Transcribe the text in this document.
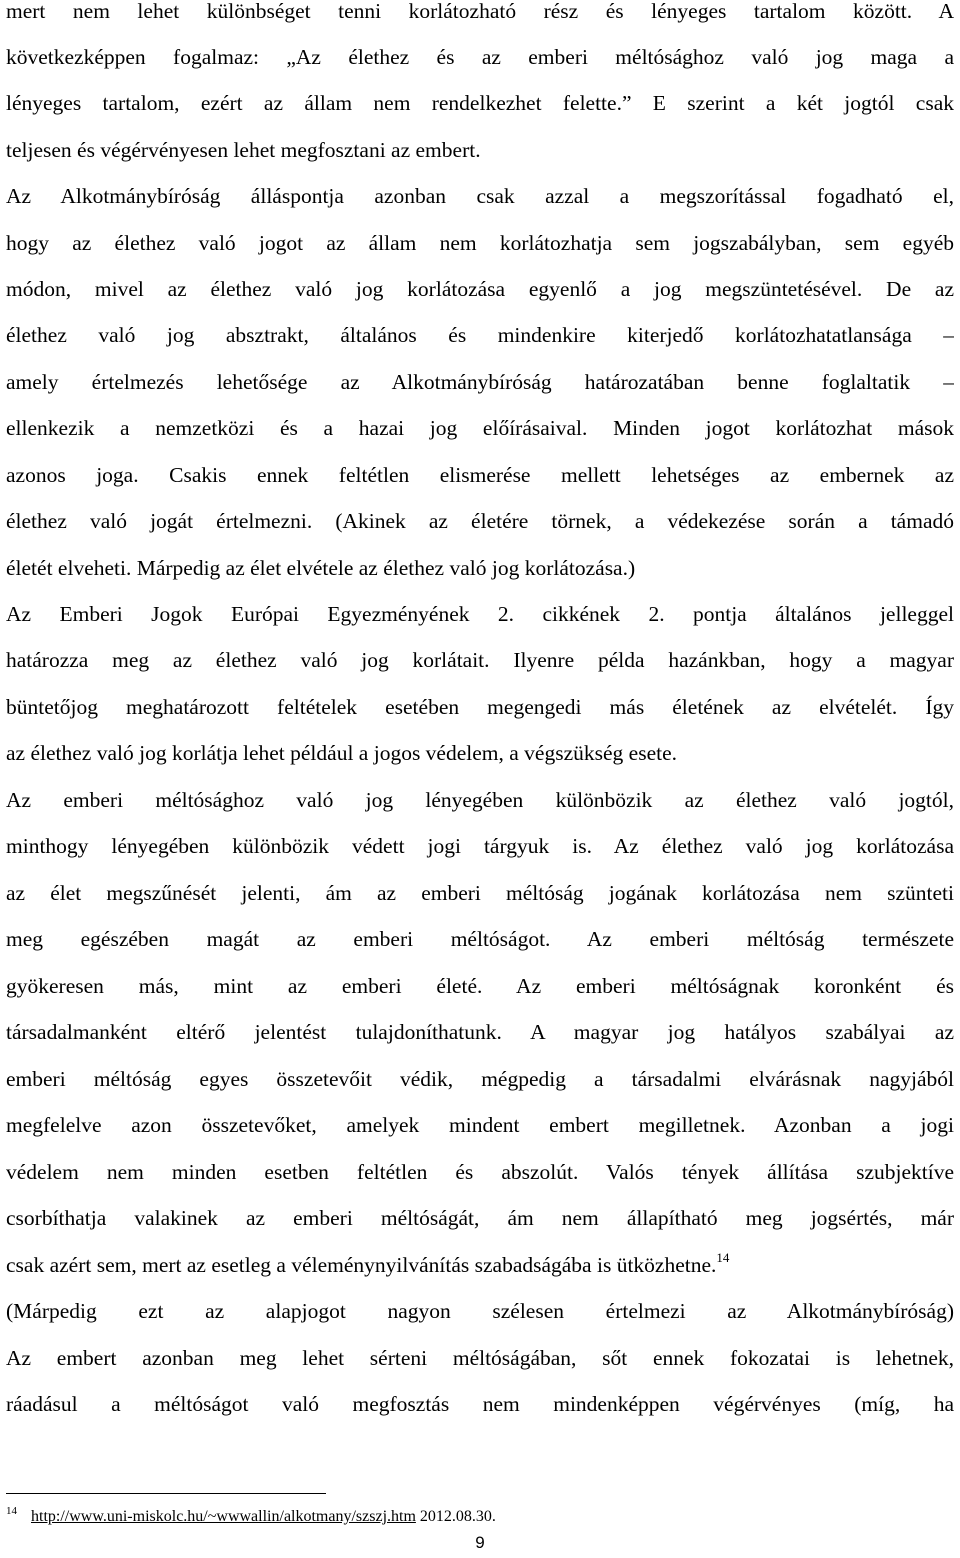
mert nem lehet különbséget tenni korlátozható rész és lényeges tartalom között. A
következképpen fogalmaz: „Az élethez és az emberi méltósághoz való jog maga a
lényeges tartalom, ezért az állam nem rendelkezhet felette.” E szerint a két jogtól csak
teljesen és végérvényesen lehet megfosztani az embert.
Az Alkotmánybíróság álláspontja azonban csak azzal a megszorítással fogadható el,
hogy az élethez való jogot az állam nem korlátozhatja sem jogszabályban, sem egyéb
módon, mivel az élethez való jog korlátozása egyenlő a jog megszüntetésével. De az
élethez való jog absztrakt, általános és mindenkire kiterjedő korlátozhatatlansága –
amely értelmezés lehetősége az Alkotmánybíróság határozatában benne foglaltatik –
ellenkezik a nemzetközi és a hazai jog előírásaival. Minden jogot korlátozhat mások
azonos joga. Csakis ennek feltétlen elismerése mellett lehetséges az embernek az
élethez való jogát értelmezni. (Akinek az életére törnek, a védekezése során a támadó
életét elveheti. Márpedig az élet elvétele az élethez való jog korlátozása.)
Az Emberi Jogok Európai Egyezményének 2. cikkének 2. pontja általános jelleggel
határozza meg az élethez való jog korlátait. Ilyenre példa hazánkban, hogy a magyar
büntetőjog meghatározott feltételek esetében megengedi más életének az elvételét. Így
az élethez való jog korlátja lehet például a jogos védelem, a végszükség esete.
Az emberi méltósághoz való jog lényegében különbözik az élethez való jogtól,
minthogy lényegében különbözik védett jogi tárgyuk is. Az élethez való jog korlátozása
az élet megszűnését jelenti, ám az emberi méltóság jogának korlátozása nem szünteti
meg egészében magát az emberi méltóságot. Az emberi méltóság természete
gyökeresen más, mint az emberi életé. Az emberi méltóságnak koronként és
társadalmanként eltérő jelentést tulajdoníthatunk. A magyar jog hatályos szabályai az
emberi méltóság egyes összetevőit védik, mégpedig a társadalmi elvárásnak nagyjából
megfelelve azon összetevőket, amelyek mindent embert megilletnek. Azonban a jogi
védelem nem minden esetben feltétlen és abszolút. Valós tények állítása szubjektíve
csorbíthatja valakinek az emberi méltóságát, ám nem állapítható meg jogsértés, már
csak azért sem, mert az esetleg a véleménynyilvánítás szabadságába is ütközhetne.$^{14}$
(Márpedig ezt az alapjogot nagyon szélesen értelmezi az Alkotmánybíróság)
Az embert azonban meg lehet sérteni méltóságában, sőt ennek fokozatai is lehetnek,
ráadásul a méltóságot való megfosztás nem mindenképpen végérvényes (míg, ha
$^{14}$ http://www.uni-miskolc.hu/~wwwallin/alkotmany/szszj.htm 2012.08.30.
9
